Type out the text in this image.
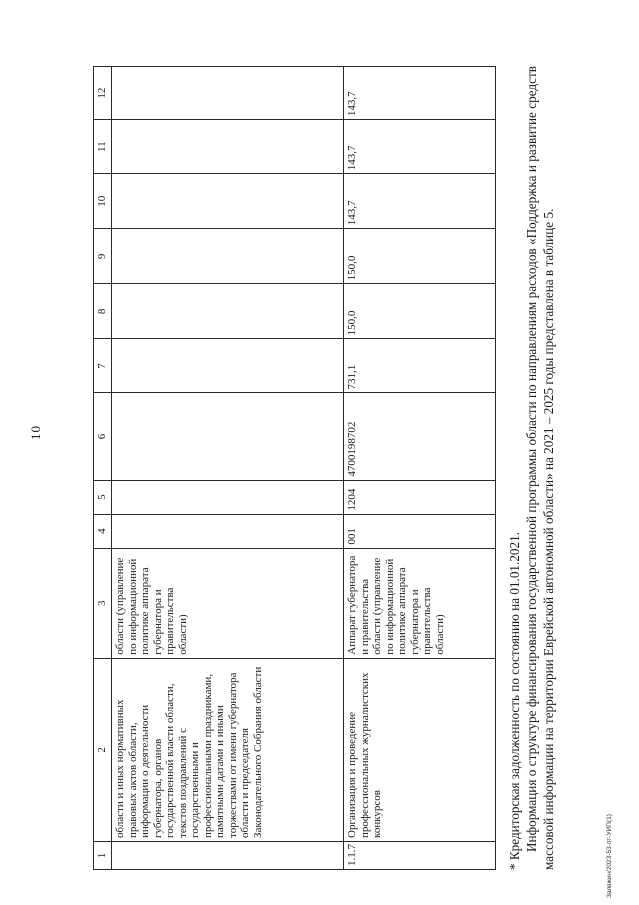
10
Заявжин/2023-53-пт-УИП(1)
1	2	3	4	5	6	7	8	9	10	11	12
	области и иных нормативных правовых актов области, информации о деятельности губернатора, органов государственной власти области, текстов поздравлений с государственными и профессиональными праздниками, памятными датами и иными торжествами от имени губернатора области и председателя Законодательного Собрания области	области (управление по информационной политике аппарата губернатора и правительства области)									
1.1.7	Организация и проведение профессиональных журналистских конкурсов	Аппарат губернатора и правительства области (управление по информационной политике аппарата губернатора и правительства области)	001	1204	4700198702	731,1	150,0	150,0	143,7	143,7	143,7

* Кредиторская задолженность по состоянию на 01.01.2021. Информация о структуре финансирования государственной программы области по направлениям расходов «Поддержка и развитие средств массовой информации на территории Еврейской автономной области» на 2021 – 2025 годы представлена в таблице 5.
